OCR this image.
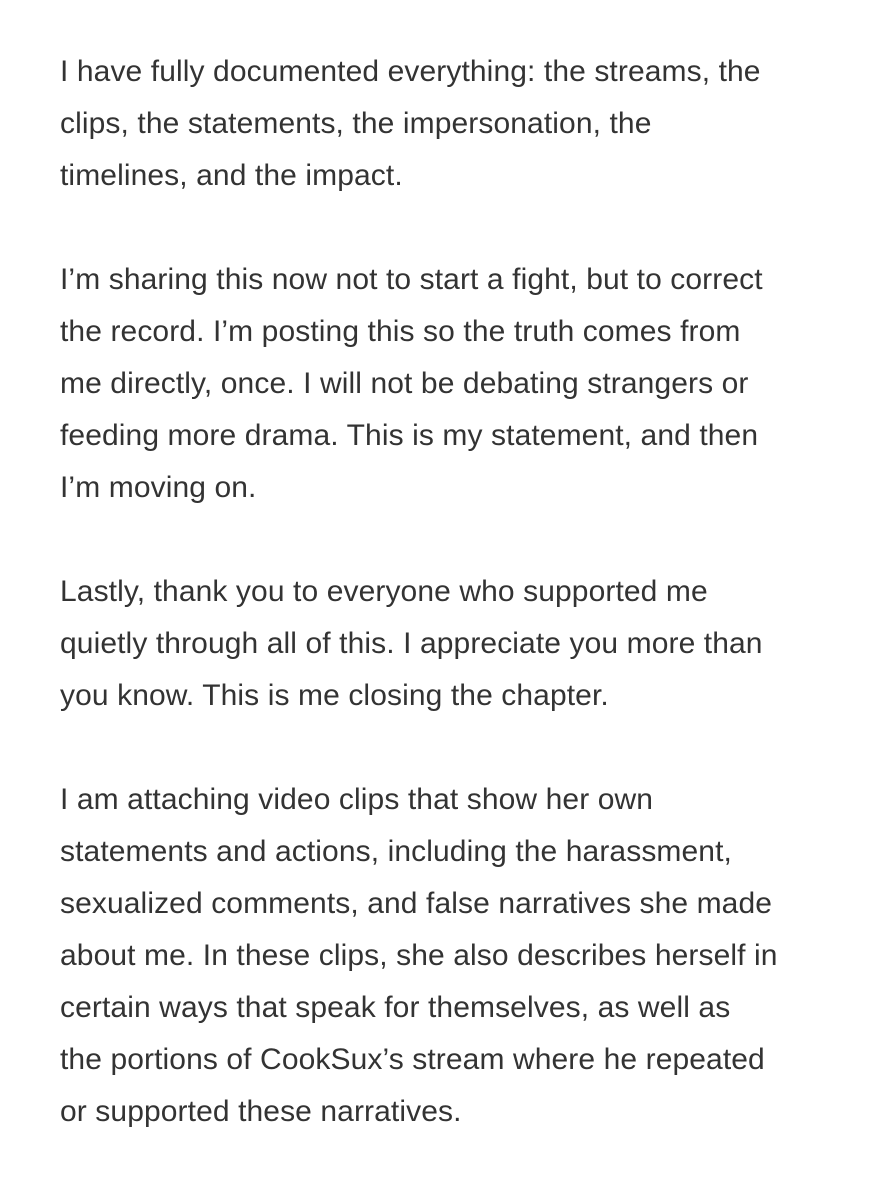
I have fully documented everything: the streams, the
clips, the statements, the impersonation, the
timelines, and the impact.

I’m sharing this now not to start a fight, but to correct
the record. I’m posting this so the truth comes from
me directly, once. I will not be debating strangers or
feeding more drama. This is my statement, and then
I’m moving on.

Lastly, thank you to everyone who supported me
quietly through all of this. I appreciate you more than
you know. This is me closing the chapter.

I am attaching video clips that show her own
statements and actions, including the harassment,
sexualized comments, and false narratives she made
about me. In these clips, she also describes herself in
certain ways that speak for themselves, as well as
the portions of CookSux’s stream where he repeated
or supported these narratives.
